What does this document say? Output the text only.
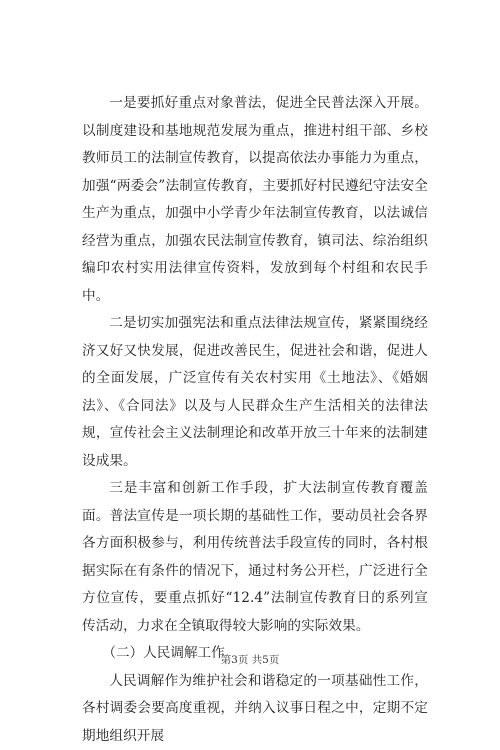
一是要抓好重点对象普法，促进全民普法深入开展。以制度建设和基地规范发展为重点，推进村组干部、乡校教师员工的法制宣传教育，以提高依法办事能力为重点，加强“两委会”法制宣传教育，主要抓好村民遵纪守法安全生产为重点，加强中小学青少年法制宣传教育，以法诚信经营为重点，加强农民法制宣传教育，镇司法、综治组织编印农村实用法律宣传资料，发放到每个村组和农民手中。

二是切实加强宪法和重点法律法规宣传，紧紧围绕经济又好又快发展，促进改善民生，促进社会和谐，促进人的全面发展，广泛宣传有关农村实用《土地法》、《婚姻法》、《合同法》以及与人民群众生产生活相关的法律法规，宣传社会主义法制理论和改革开放三十年来的法制建设成果。

三是丰富和创新工作手段，扩大法制宣传教育覆盖面。普法宣传是一项长期的基础性工作，要动员社会各界各方面积极参与，利用传统普法手段宣传的同时，各村根据实际在有条件的情况下，通过村务公开栏，广泛进行全方位宣传，要重点抓好“12.4”法制宣传教育日的系列宣传活动，力求在全镇取得较大影响的实际效果。

（二）人民调解工作

人民调解作为维护社会和谐稳定的一项基础性工作，各村调委会要高度重视，并纳入议事日程之中，定期不定期地组织开展

第3页 共5页
